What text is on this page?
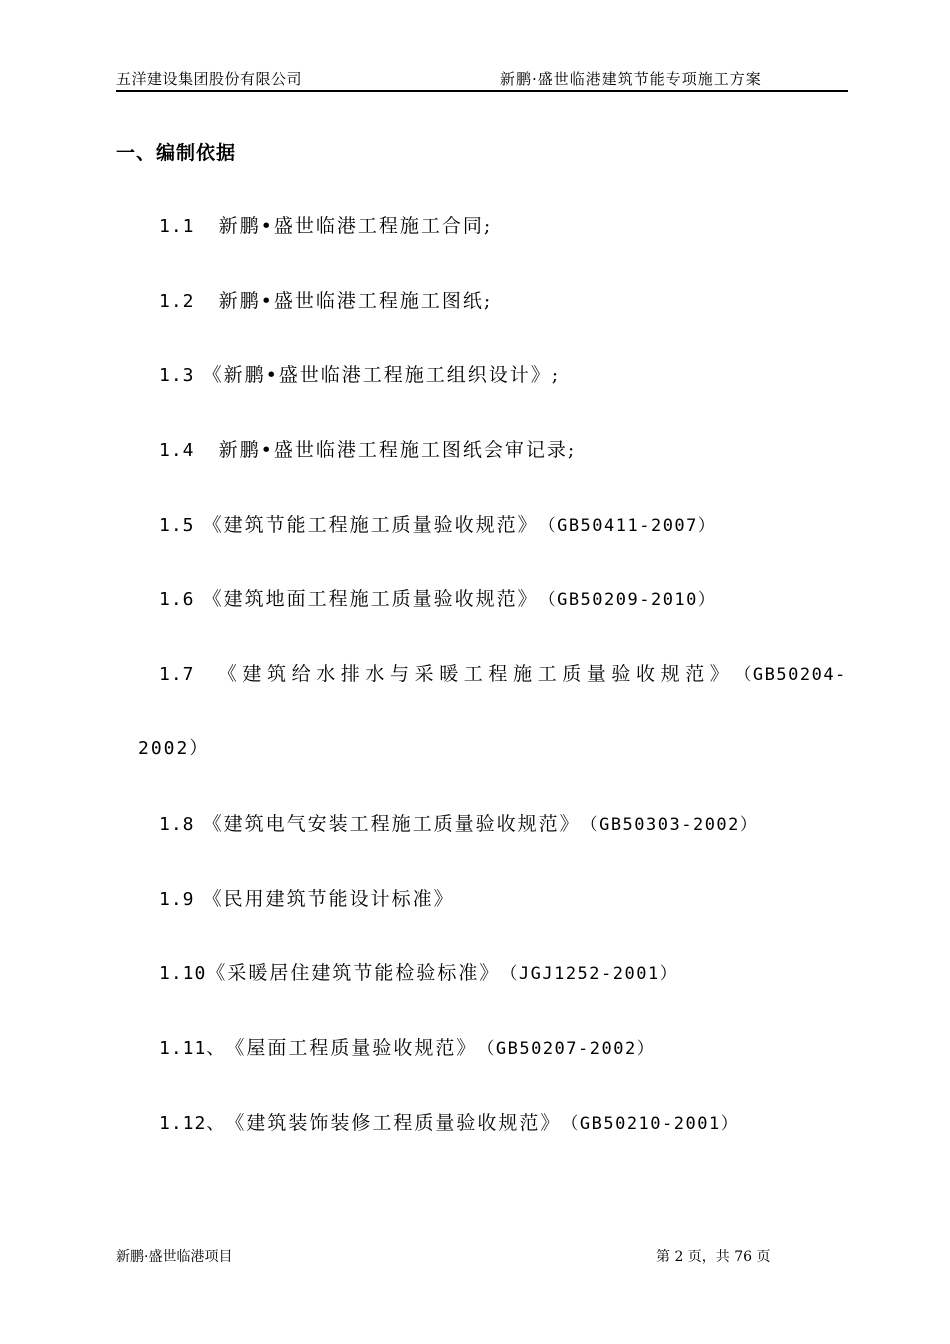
五洋建设集团股份有限公司	新鹏·盛世临港建筑节能专项施工方案
一、编制依据
1.1 新鹏•盛世临港工程施工合同;
1.2 新鹏•盛世临港工程施工图纸;
1.3 《新鹏•盛世临港工程施工组织设计》;
1.4 新鹏•盛世临港工程施工图纸会审记录;
1.5 《建筑节能工程施工质量验收规范》（GB50411-2007）
1.6 《建筑地面工程施工质量验收规范》（GB50209-2010）
1.7 《建筑给水排水与采暖工程施工质量验收规范》（GB50204-
2002）
1.8 《建筑电气安装工程施工质量验收规范》（GB50303-2002）
1.9 《民用建筑节能设计标准》
1.10《采暖居住建筑节能检验标准》（JGJ1252-2001）
1.11、《屋面工程质量验收规范》（GB50207-2002）
1.12、《建筑装饰装修工程质量验收规范》（GB50210-2001）
新鹏·盛世临港项目	第 2 页，共 76 页
